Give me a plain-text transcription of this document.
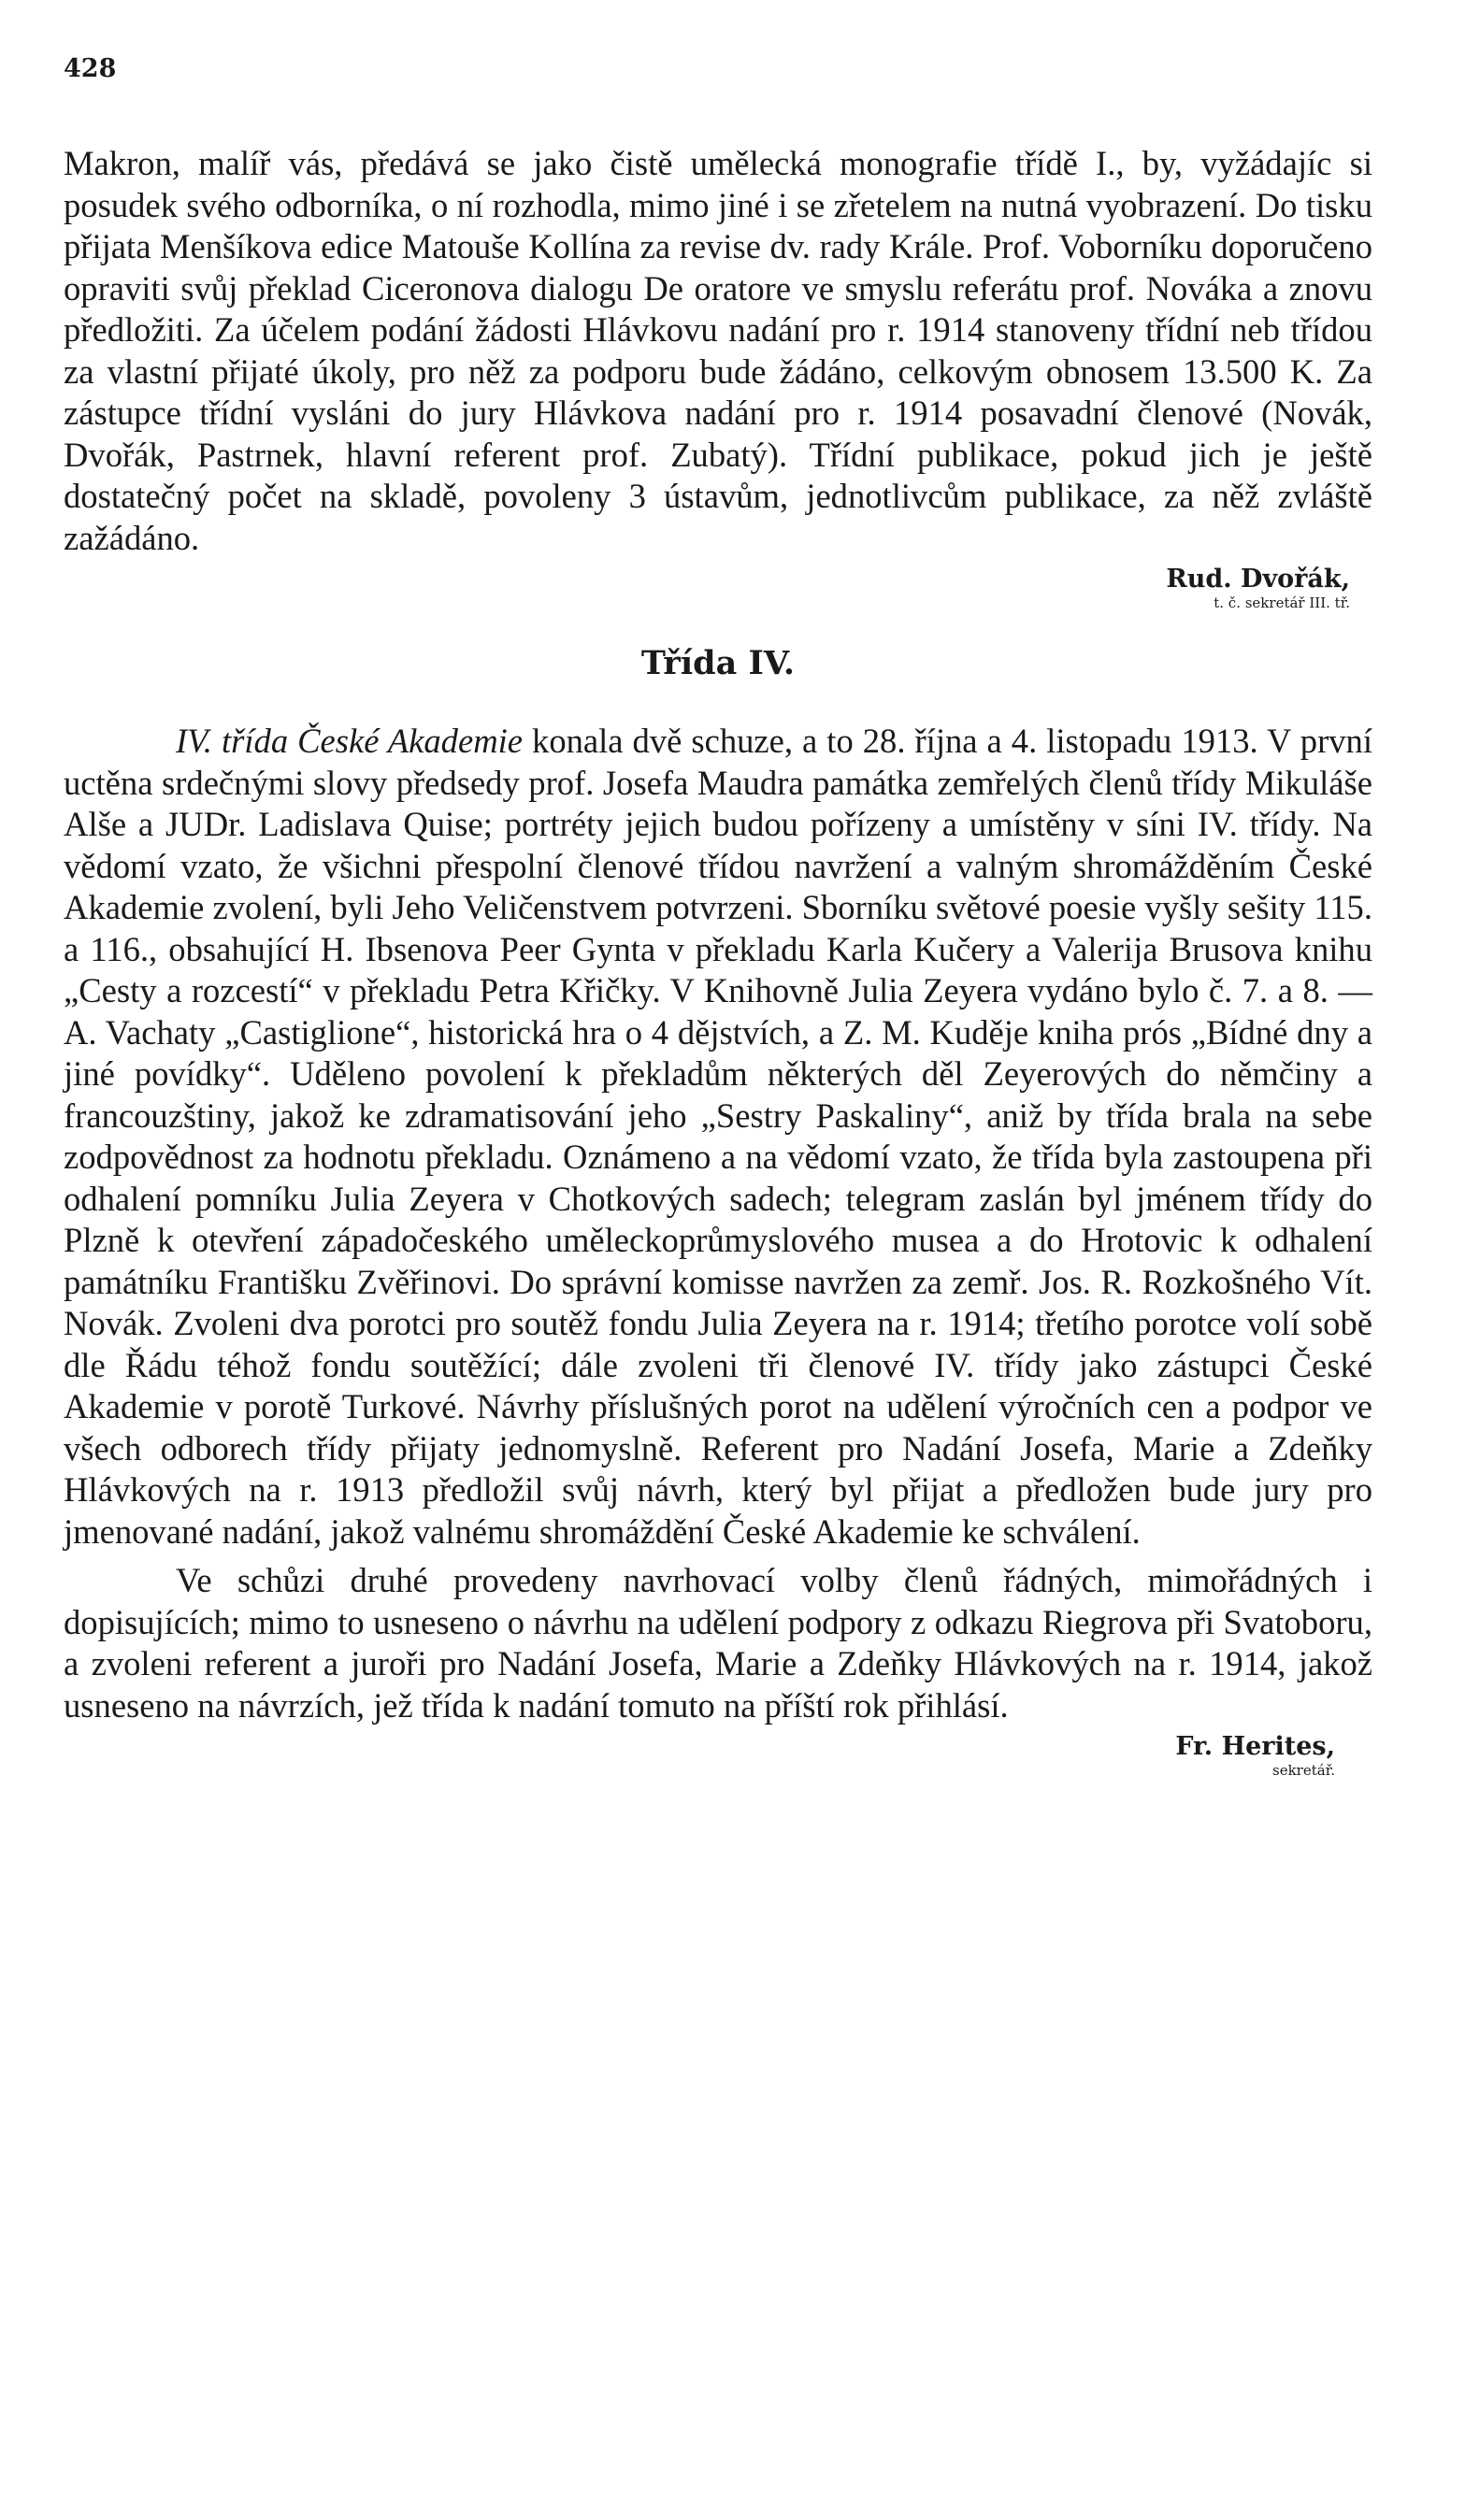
428

Makron, malíř vás, předává se jako čistě umělecká monografie třídě I., by, vyžádajíc si posudek svého odborníka, o ní rozhodla, mimo jiné i se zřetelem na nutná vyobrazení. Do tisku přijata Menšíkova edice Matouše Kollína za revise dv. rady Krále. Prof. Voborníku doporučeno opraviti svůj překlad Ciceronova dialogu De oratore ve smyslu referátu prof. Nováka a znovu předložiti. Za účelem podání žádosti Hlávkovu nadání pro r. 1914 stanoveny třídní neb třídou za vlastní přijaté úkoly, pro něž za podporu bude žádáno, celkovým obnosem 13.500 K. Za zástupce třídní vysláni do jury Hlávkova nadání pro r. 1914 posavadní členové (Novák, Dvořák, Pastrnek, hlavní referent prof. Zubatý). Třídní publikace, pokud jich je ještě dostatečný počet na skladě, povoleny 3 ústavům, jednotlivcům publikace, za něž zvláště zažádáno.

Rud. Dvořák,
t. č. sekretář III. tř.
Třída IV.

IV. třída České Akademie konala dvě schuze, a to 28. října a 4. listopadu 1913. V první uctěna srdečnými slovy předsedy prof. Josefa Maudra památka zemřelých členů třídy Mikuláše Alše a JUDr. Ladislava Quise; portréty jejich budou pořízeny a umístěny v síni IV. třídy. Na vědomí vzato, že všichni přespolní členové třídou navržení a valným shromážděním České Akademie zvolení, byli Jeho Veličenstvem potvrzeni. Sborníku světové poesie vyšly sešity 115. a 116., obsahující H. Ibsenova Peer Gynta v překladu Karla Kučery a Valerija Brusova knihu „Cesty a rozcestí“ v překladu Petra Křičky. V Knihovně Julia Zeyera vydáno bylo č. 7. a 8. — A. Vachaty „Castiglione“, historická hra o 4 dějstvích, a Z. M. Kuděje kniha prós „Bídné dny a jiné povídky“. Uděleno povolení k překladům některých děl Zeyerových do němčiny a francouzštiny, jakož ke zdramatisování jeho „Sestry Paskaliny“, aniž by třída brala na sebe zodpovědnost za hodnotu překladu. Oznámeno a na vědomí vzato, že třída byla zastoupena při odhalení pomníku Julia Zeyera v Chotkových sadech; telegram zaslán byl jménem třídy do Plzně k otevření západočeského uměleckoprůmyslového musea a do Hrotovic k odhalení památníku Františku Zvěřinovi. Do správní komisse navržen za zemř. Jos. R. Rozkošného Vít. Novák. Zvoleni dva porotci pro soutěž fondu Julia Zeyera na r. 1914; třetího porotce volí sobě dle Řádu téhož fondu soutěžící; dále zvoleni tři členové IV. třídy jako zástupci České Akademie v porotě Turkové. Návrhy příslušných porot na udělení výročních cen a podpor ve všech odborech třídy přijaty jednomyslně. Referent pro Nadání Josefa, Marie a Zdeňky Hlávkových na r. 1913 předložil svůj návrh, který byl přijat a předložen bude jury pro jmenované nadání, jakož valnému shromáždění České Akademie ke schválení.

Ve schůzi druhé provedeny navrhovací volby členů řádných, mimořádných i dopisujících; mimo to usneseno o návrhu na udělení podpory z odkazu Riegrova při Svatoboru, a zvoleni referent a juroři pro Nadání Josefa, Marie a Zdeňky Hlávkových na r. 1914, jakož usneseno na návrzích, jež třída k nadání tomuto na příští rok přihlásí.

Fr. Herites,
sekretář.
